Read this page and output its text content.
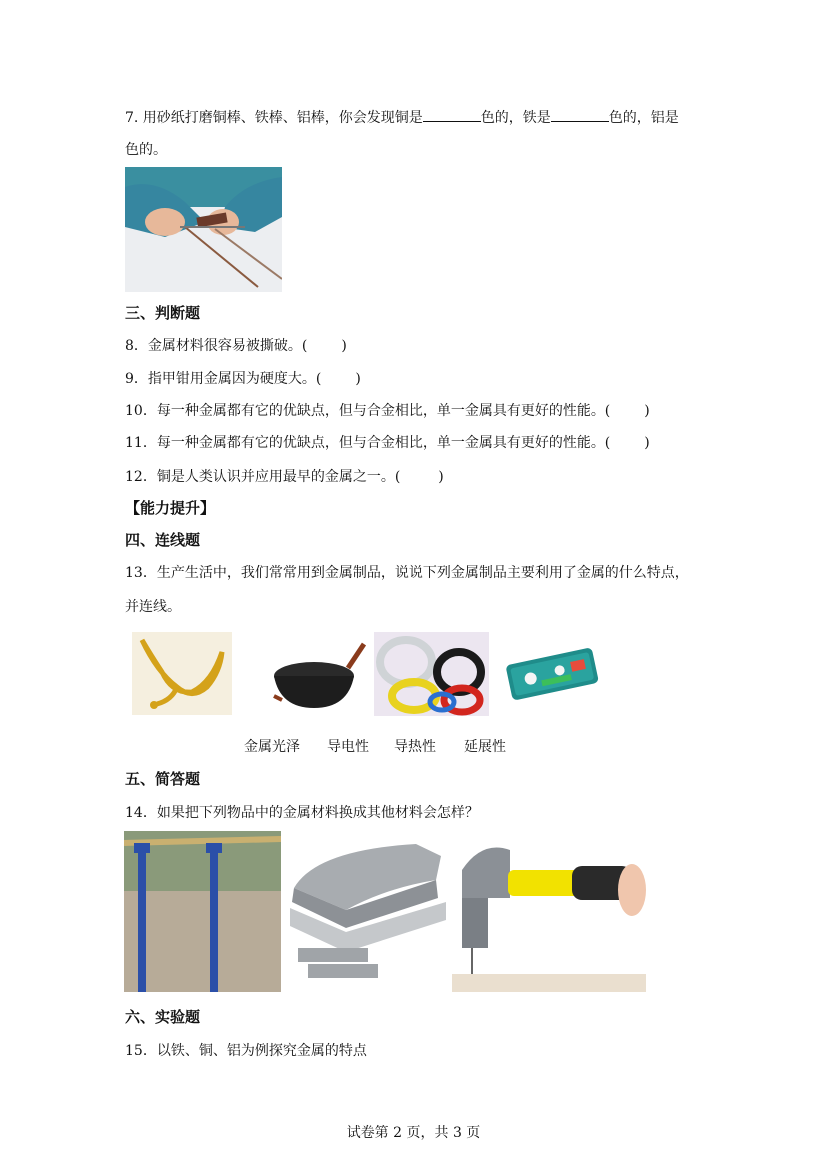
7. 用砂纸打磨铜棒、铁棒、铝棒，你会发现铜是	色的，铁是	色的，铝是
色的。
三、判断题
8．金属材料很容易被撕破。( )
9．指甲钳用金属因为硬度大。( )
10．每一种金属都有它的优缺点，但与合金相比，单一金属具有更好的性能。( )
11．每一种金属都有它的优缺点，但与合金相比，单一金属具有更好的性能。( )
12．铜是人类认识并应用最早的金属之一。(	)
【能力提升】
四、连线题
13．生产生活中，我们常常用到金属制品，说说下列金属制品主要利用了金属的什么特点，
并连线。
金属光泽 导电性 导热性 延展性
五、简答题
14．如果把下列物品中的金属材料换成其他材料会怎样？
六、实验题
15．以铁、铜、铝为例探究金属的特点
试卷第 2 页，共 3 页
